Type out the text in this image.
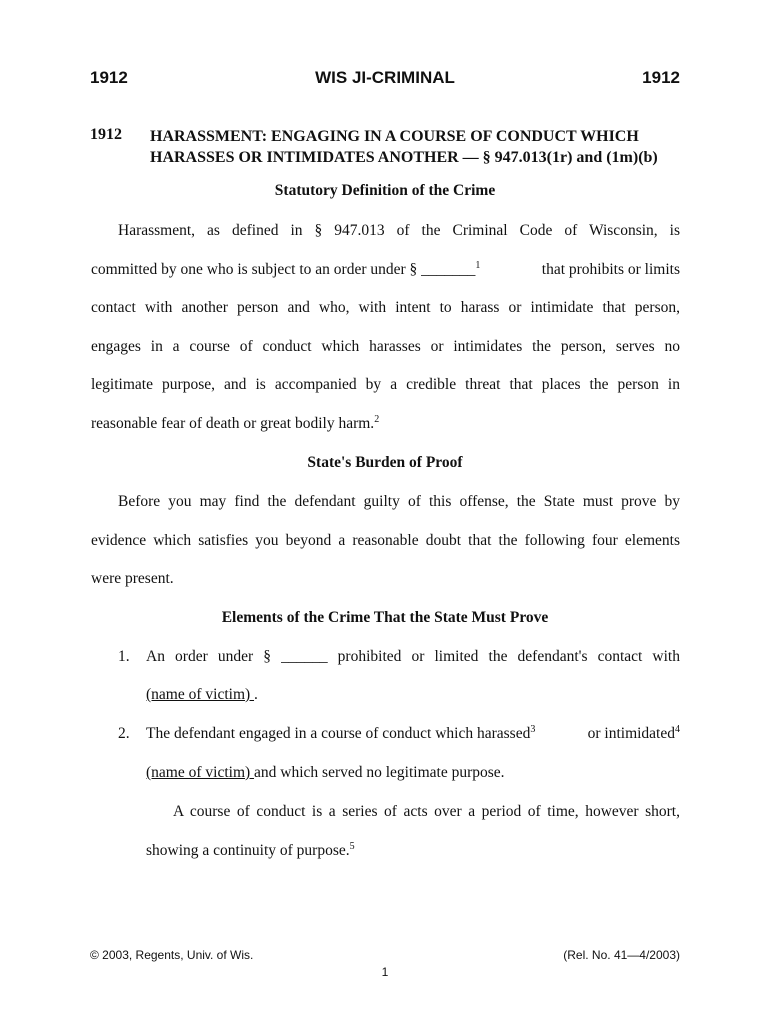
1912	WIS JI-CRIMINAL	1912
1912 HARASSMENT: ENGAGING IN A COURSE OF CONDUCT WHICH
HARASSES OR INTIMIDATES ANOTHER — § 947.013(1r) and (1m)(b)
Statutory Definition of the Crime
Harassment, as defined in § 947.013 of the Criminal Code of Wisconsin, is
committed by one who is subject to an order under § _______$^1$	that prohibits or limits
contact with another person and who, with intent to harass or intimidate that person,
engages in a course of conduct which harasses or intimidates the person, serves no
legitimate purpose, and is accompanied by a credible threat that places the person in
reasonable fear of death or great bodily harm.$^2$
State's Burden of Proof
Before you may find the defendant guilty of this offense, the State must prove by
evidence which satisfies you beyond a reasonable doubt that the following four elements
were present.
Elements of the Crime That the State Must Prove
1. An order under § ______ prohibited or limited the defendant's contact with
(name of victim) .
2. The defendant engaged in a course of conduct which harassed$^3$	or intimidated$^4$
(name of victim) and which served no legitimate purpose.
A course of conduct is a series of acts over a period of time, however short,
showing a continuity of purpose.$^5$
© 2003, Regents, Univ. of Wis.	(Rel. No. 41—4/2003)
1
